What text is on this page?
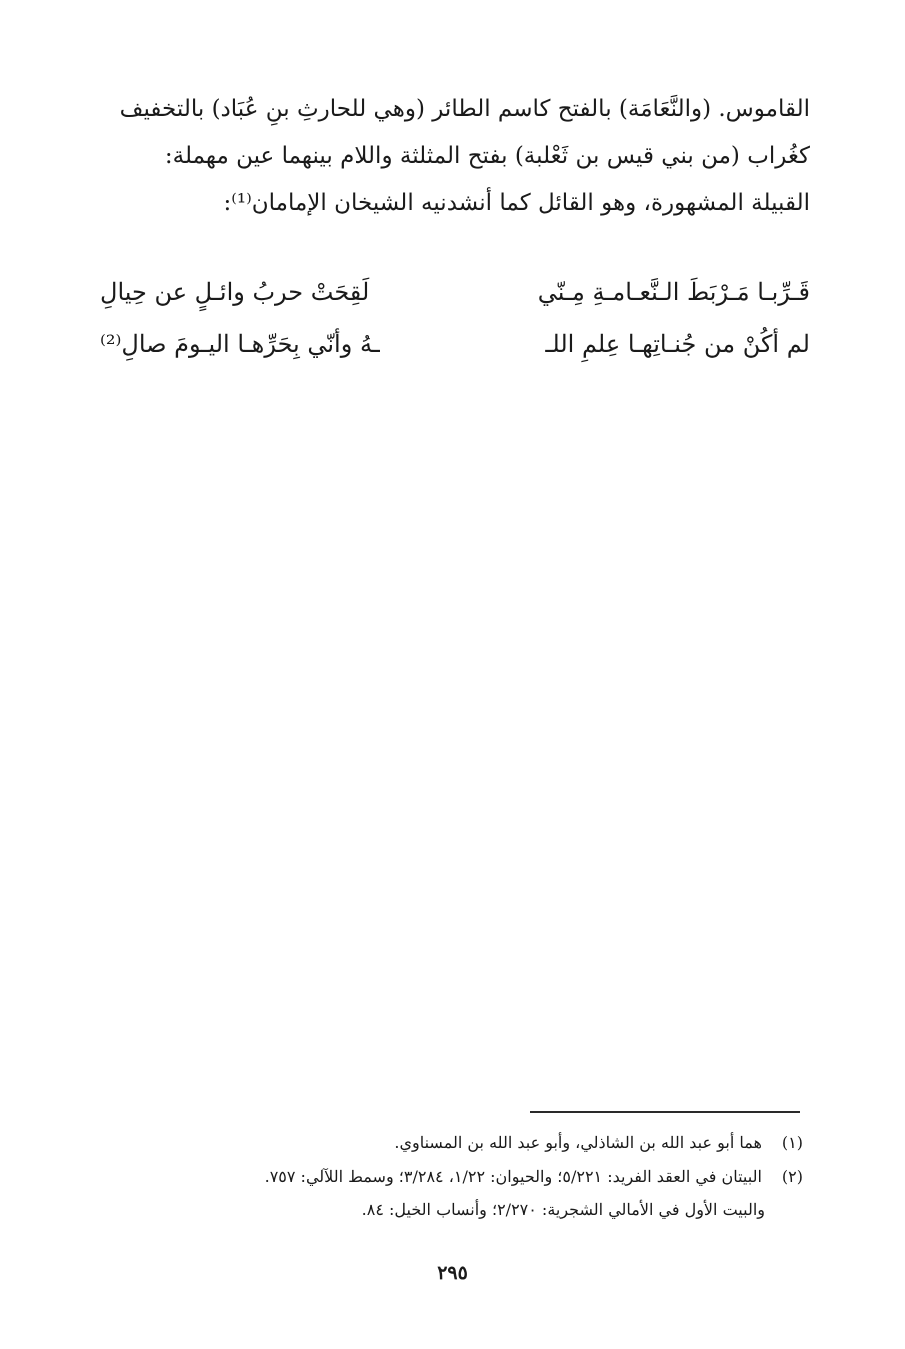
القاموس. (والنَّعَامَة) بالفتح كاسم الطائر (وهي للحارثِ بنِ عُبَاد) بالتخفيف
كغُراب (من بني قيس بن ثَعْلبة) بفتح المثلثة واللام بينهما عين مهملة:
القبيلة المشهورة، وهو القائل كما أنشدنيه الشيخان الإمامان⁽¹⁾:
قَـرِّبـا مَـرْبَطَ الـنَّعـامـةِ مِـنّي
لَقِحَتْ حربُ وائـلٍ عن حِيالِ
لم أكُنْ من جُنـاتِهـا عِلمِ اللـ
ـهُ وأنّي بِحَرِّهـا اليـومَ صالِ⁽²⁾
(١) هما أبو عبد الله بن الشاذلي، وأبو عبد الله بن المسناوي.
(٢) البيتان في العقد الفريد: ٥/٢٢١؛ والحيوان: ١/٢٢، ٣/٢٨٤؛ وسمط اللآلي: ٧٥٧.
والبيت الأول في الأمالي الشجرية: ٢/٢٧٠؛ وأنساب الخيل: ٨٤.
٢٩٥
